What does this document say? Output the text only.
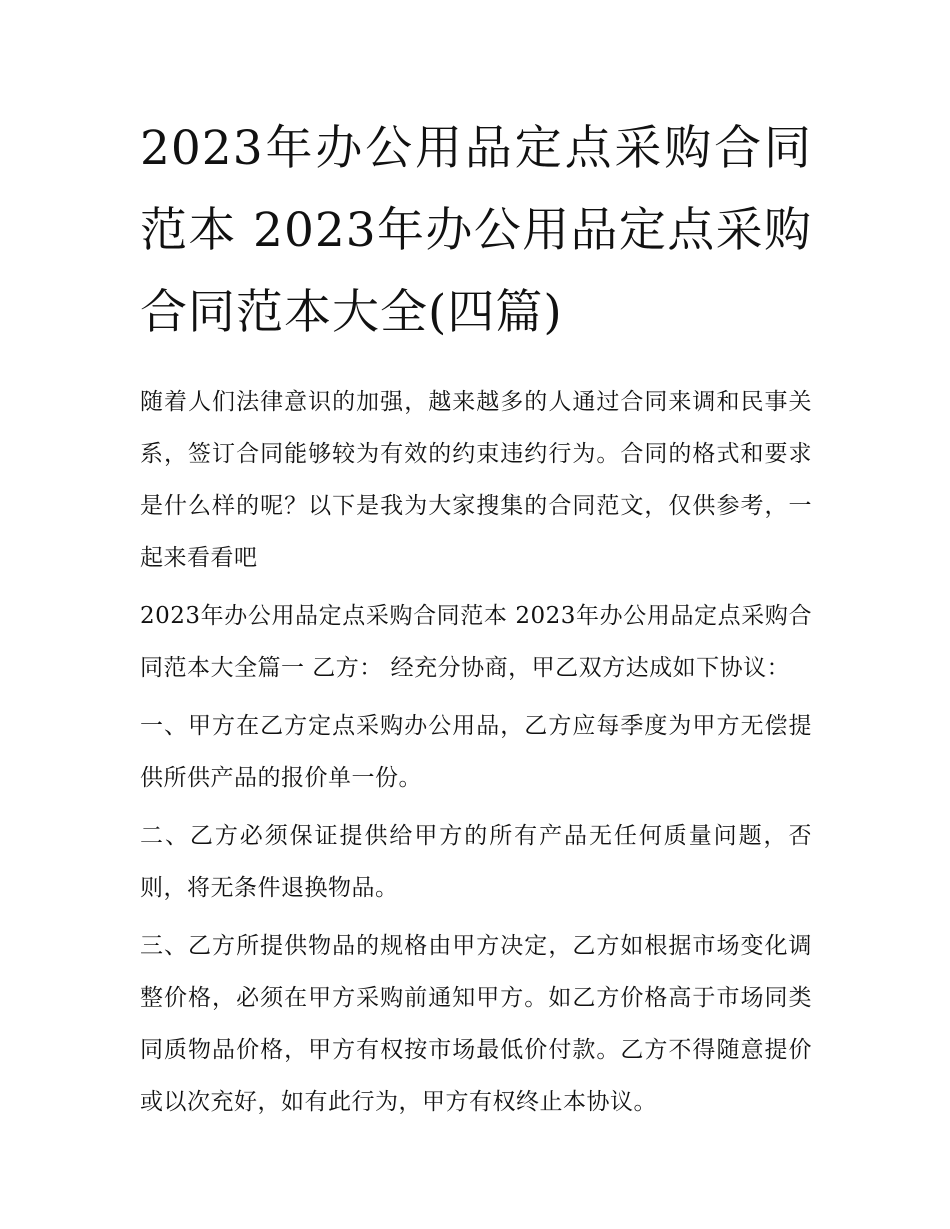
2023年办公用品定点采购合同范本 2023年办公用品定点采购合同范本大全(四篇)

随着人们法律意识的加强，越来越多的人通过合同来调和民事关系，签订合同能够较为有效的约束违约行为。合同的格式和要求是什么样的呢？以下是我为大家搜集的合同范文，仅供参考，一起来看看吧

2023年办公用品定点采购合同范本 2023年办公用品定点采购合同范本大全篇一 乙方： 经充分协商，甲乙双方达成如下协议：

一、甲方在乙方定点采购办公用品，乙方应每季度为甲方无偿提供所供产品的报价单一份。

二、乙方必须保证提供给甲方的所有产品无任何质量问题，否则，将无条件退换物品。

三、乙方所提供物品的规格由甲方决定，乙方如根据市场变化调整价格，必须在甲方采购前通知甲方。如乙方价格高于市场同类同质物品价格，甲方有权按市场最低价付款。乙方不得随意提价或以次充好，如有此行为，甲方有权终止本协议。
